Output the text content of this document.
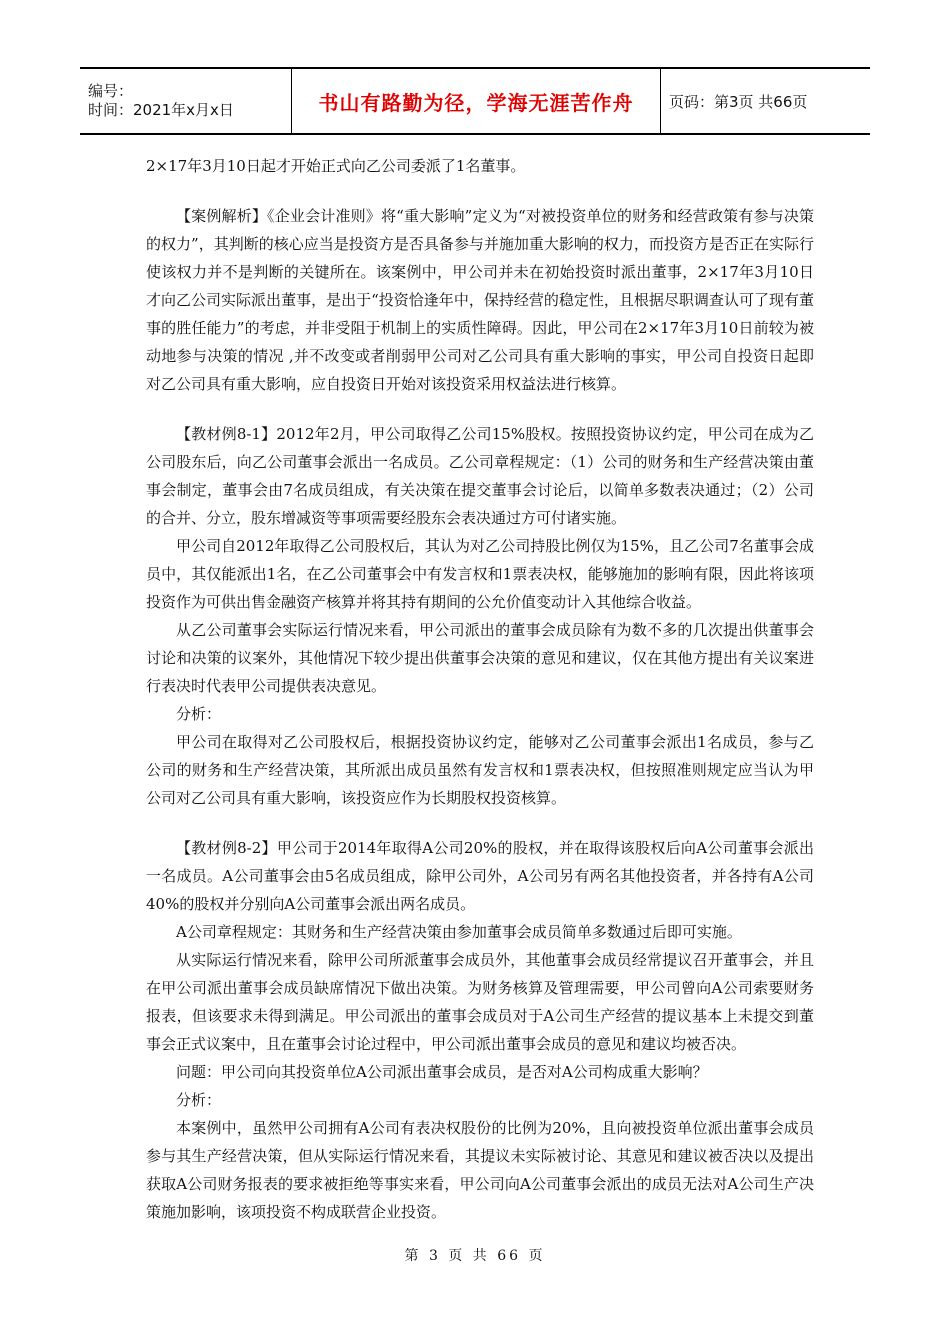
编号：
时间：2021年x月x日	书山有路勤为径，学海无涯苦作舟	页码：第3页 共66页

2×17年3月10日起才开始正式向乙公司委派了1名董事。

【案例解析】《企业会计准则》将“重大影响”定义为“对被投资单位的财务和经营政策有参与决策的权力”，其判断的核心应当是投资方是否具备参与并施加重大影响的权力，而投资方是否正在实际行使该权力并不是判断的关键所在。该案例中，甲公司并未在初始投资时派出董事，2×17年3月10日才向乙公司实际派出董事，是出于“投资恰逢年中，保持经营的稳定性，且根据尽职调查认可了现有董事的胜任能力”的考虑，并非受阻于机制上的实质性障碍。因此，甲公司在2×17年3月10日前较为被动地参与决策的情况 ,并不改变或者削弱甲公司对乙公司具有重大影响的事实，甲公司自投资日起即对乙公司具有重大影响，应自投资日开始对该投资采用权益法进行核算。

【教材例8-1】2012年2月，甲公司取得乙公司15%股权。按照投资协议约定，甲公司在成为乙公司股东后，向乙公司董事会派出一名成员。乙公司章程规定：（1）公司的财务和生产经营决策由董事会制定，董事会由7名成员组成，有关决策在提交董事会讨论后，以简单多数表决通过；（2）公司的合并、分立，股东增减资等事项需要经股东会表决通过方可付诸实施。

甲公司自2012年取得乙公司股权后，其认为对乙公司持股比例仅为15%，且乙公司7名董事会成员中，其仅能派出1名，在乙公司董事会中有发言权和1票表决权，能够施加的影响有限，因此将该项投资作为可供出售金融资产核算并将其持有期间的公允价值变动计入其他综合收益。

从乙公司董事会实际运行情况来看，甲公司派出的董事会成员除有为数不多的几次提出供董事会讨论和决策的议案外，其他情况下较少提出供董事会决策的意见和建议，仅在其他方提出有关议案进行表决时代表甲公司提供表决意见。

分析：

甲公司在取得对乙公司股权后，根据投资协议约定，能够对乙公司董事会派出1名成员，参与乙公司的财务和生产经营决策，其所派出成员虽然有发言权和1票表决权，但按照准则规定应当认为甲公司对乙公司具有重大影响，该投资应作为长期股权投资核算。

【教材例8-2】甲公司于2014年取得A公司20%的股权，并在取得该股权后向A公司董事会派出一名成员。A公司董事会由5名成员组成，除甲公司外，A公司另有两名其他投资者，并各持有A公司40%的股权并分别向A公司董事会派出两名成员。

A公司章程规定：其财务和生产经营决策由参加董事会成员简单多数通过后即可实施。

从实际运行情况来看，除甲公司所派董事会成员外，其他董事会成员经常提议召开董事会，并且在甲公司派出董事会成员缺席情况下做出决策。为财务核算及管理需要，甲公司曾向A公司索要财务报表，但该要求未得到满足。甲公司派出的董事会成员对于A公司生产经营的提议基本上未提交到董事会正式议案中，且在董事会讨论过程中，甲公司派出董事会成员的意见和建议均被否决。

问题：甲公司向其投资单位A公司派出董事会成员，是否对A公司构成重大影响？

分析：

本案例中，虽然甲公司拥有A公司有表决权股份的比例为20%，且向被投资单位派出董事会成员参与其生产经营决策，但从实际运行情况来看，其提议未实际被讨论、其意见和建议被否决以及提出获取A公司财务报表的要求被拒绝等事实来看，甲公司向A公司董事会派出的成员无法对A公司生产决策施加影响，该项投资不构成联营企业投资。

第 3 页 共 66 页
